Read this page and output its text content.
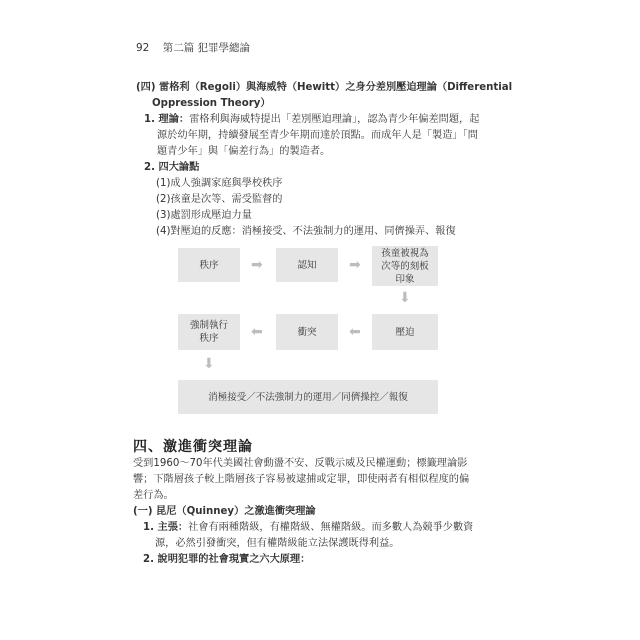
92 第二篇 犯罪學總論
(四) 雷格利（Regoli）與海威特（Hewitt）之身分差別壓迫理論（Differential
Oppression Theory）
1. 理論：雷格利與海威特提出「差別壓迫理論」，認為青少年偏差問題，起
源於幼年期，持續發展至青少年期而達於頂點。而成年人是「製造」「問
題青少年」與「偏差行為」的製造者。
2. 四大論點
(1)成人強調家庭與學校秩序
(2)孩童是次等、需受監督的
(3)處罰形成壓迫力量
(4)對壓迫的反應：消極接受、不法強制力的運用、同儕操弄、報復
秩序 ➡	認知 ➡
孩童被視為
次等的刻板
印象
⬇
壓迫
⬅
衝突
⬅
強制執行
秩序
⬇
消極接受／不法強制力的運用／同儕操控／報復
四、激進衝突理論
受到1960～70年代美國社會動盪不安、反戰示威及民權運動；標籤理論影
響；下階層孩子較上階層孩子容易被逮捕或定罪，即使兩者有相似程度的偏
差行為。
(一) 昆尼（Quinney）之激進衝突理論
1. 主張：社會有兩種階級，有權階級、無權階級。而多數人為競爭少數資
源，必然引發衝突，但有權階級能立法保護既得利益。
2. 說明犯罪的社會現實之六大原理：
